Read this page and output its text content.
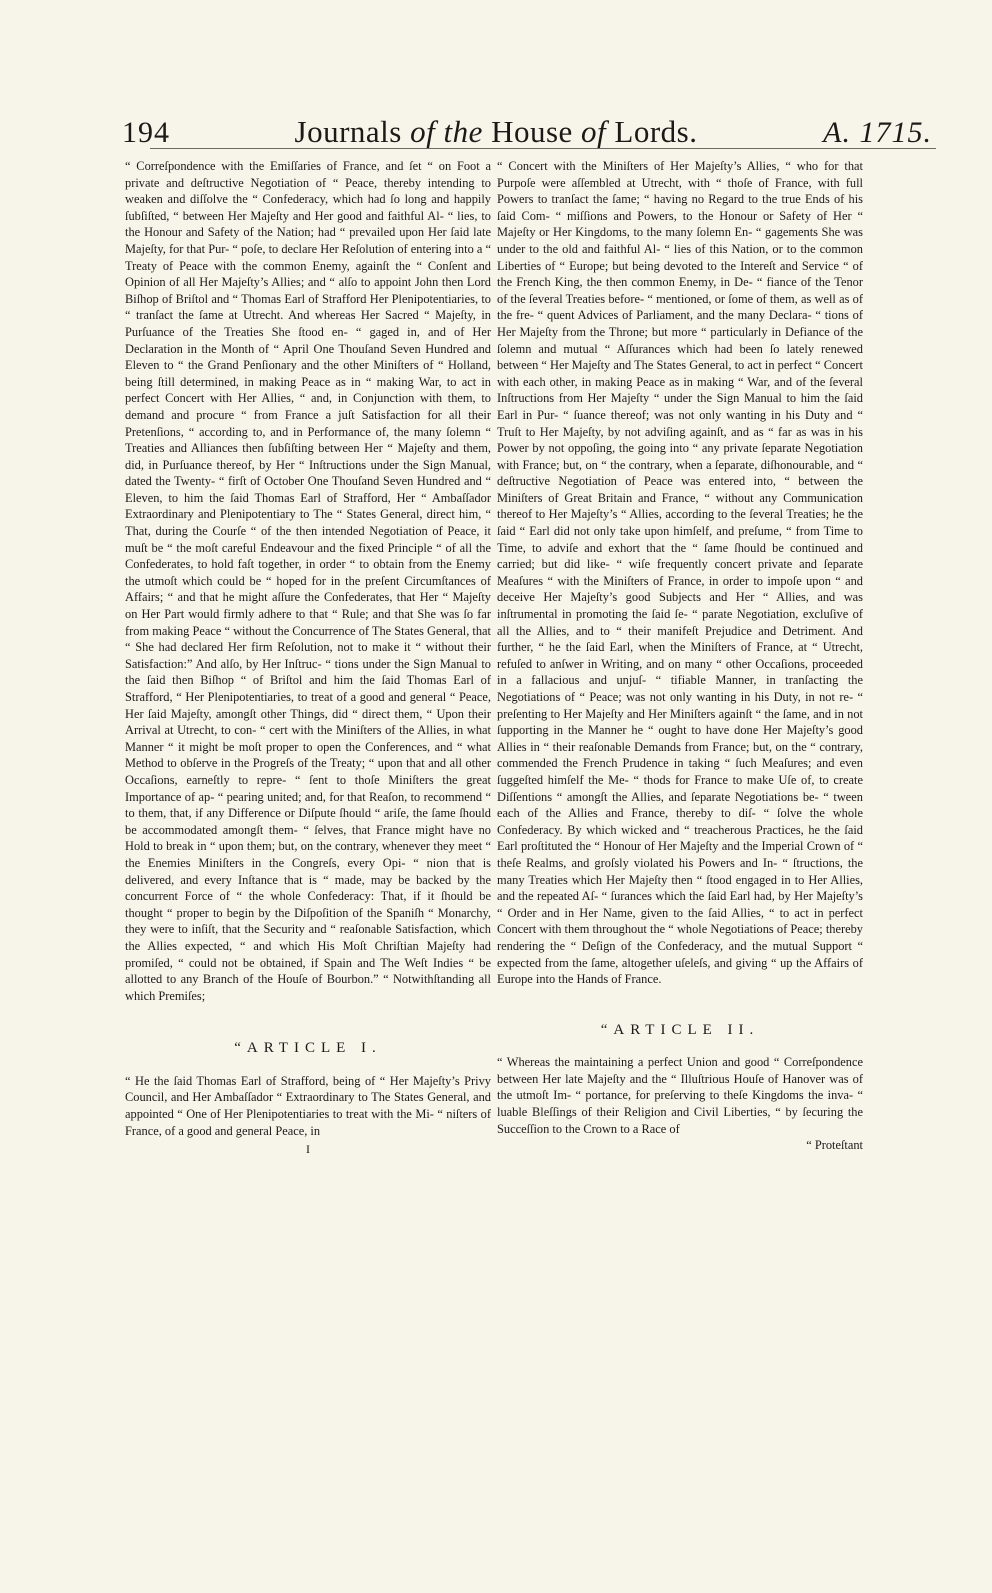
194	Journals of the House of Lords.	A. 1715.

“ Correſpondence with the Emiſſaries of France, and ſet “ on Foot a private and deſtructive Negotiation of “ Peace, thereby intending to weaken and diſſolve the “ Confederacy, which had ſo long and happily ſubſiſted, “ between Her Majeſty and Her good and faithful Al- “ lies, to the Honour and Safety of the Nation; had “ prevailed upon Her ſaid late Majeſty, for that Pur- “ poſe, to declare Her Reſolution of entering into a “ Treaty of Peace with the common Enemy, againſt the “ Conſent and Opinion of all Her Majeſty’s Allies; and “ alſo to appoint John then Lord Biſhop of Briſtol and “ Thomas Earl of Strafford Her Plenipotentiaries, to “ tranſact the ſame at Utrecht. And whereas Her Sacred “ Majeſty, in Purſuance of the Treaties She ſtood en- “ gaged in, and of Her Declaration in the Month of “ April One Thouſand Seven Hundred and Eleven to “ the Grand Penſionary and the other Miniſters of “ Holland, being ſtill determined, in making Peace as in “ making War, to act in perfect Concert with Her Allies, “ and, in Conjunction with them, to demand and procure “ from France a juſt Satisfaction for all their Pretenſions, “ according to, and in Performance of, the many ſolemn “ Treaties and Alliances then ſubſiſting between Her “ Majeſty and them, did, in Purſuance thereof, by Her “ Inſtructions under the Sign Manual, dated the Twenty- “ firſt of October One Thouſand Seven Hundred and “ Eleven, to him the ſaid Thomas Earl of Strafford, Her “ Ambaſſador Extraordinary and Plenipotentiary to The “ States General, direct him, “ That, during the Courſe “ of the then intended Negotiation of Peace, it muſt be “ the moſt careful Endeavour and the fixed Principle “ of all the Confederates, to hold faſt together, in order “ to obtain from the Enemy the utmoſt which could be “ hoped for in the preſent Circumſtances of Affairs; “ and that he might aſſure the Confederates, that Her “ Majeſty on Her Part would firmly adhere to that “ Rule; and that She was ſo far from making Peace “ without the Concurrence of The States General, that “ She had declared Her firm Reſolution, not to make it “ without their Satisfaction:” And alſo, by Her Inſtruc- “ tions under the Sign Manual to the ſaid then Biſhop “ of Briſtol and him the ſaid Thomas Earl of Strafford, “ Her Plenipotentiaries, to treat of a good and general “ Peace, Her ſaid Majeſty, amongſt other Things, did “ direct them, “ Upon their Arrival at Utrecht, to con- “ cert with the Miniſters of the Allies, in what Manner “ it might be moſt proper to open the Conferences, and “ what Method to obſerve in the Progreſs of the Treaty; “ upon that and all other Occaſions, earneſtly to repre- “ ſent to thoſe Miniſters the great Importance of ap- “ pearing united; and, for that Reaſon, to recommend “ to them, that, if any Difference or Diſpute ſhould “ ariſe, the ſame ſhould be accommodated amongſt them- “ ſelves, that France might have no Hold to break in “ upon them; but, on the contrary, whenever they meet “ the Enemies Miniſters in the Congreſs, every Opi- “ nion that is delivered, and every Inſtance that is “ made, may be backed by the concurrent Force of “ the whole Confederacy: That, if it ſhould be thought “ proper to begin by the Diſpoſition of the Spaniſh “ Monarchy, they were to inſiſt, that the Security and “ reaſonable Satisfaction, which the Allies expected, “ and which His Moſt Chriſtian Majeſty had promiſed, “ could not be obtained, if Spain and The Weſt Indies “ be allotted to any Branch of the Houſe of Bourbon.” “ Notwithſtanding all which Premiſes;

“ARTICLE I.

“ He the ſaid Thomas Earl of Strafford, being of “ Her Majeſty’s Privy Council, and Her Ambaſſador “ Extraordinary to The States General, and appointed “ One of Her Plenipotentiaries to treat with the Mi- “ niſters of France, of a good and general Peace, in

I

“ Concert with the Miniſters of Her Majeſty’s Allies, “ who for that Purpoſe were aſſembled at Utrecht, with “ thoſe of France, with full Powers to tranſact the ſame; “ having no Regard to the true Ends of his ſaid Com- “ miſſions and Powers, to the Honour or Safety of Her “ Majeſty or Her Kingdoms, to the many ſolemn En- “ gagements She was under to the old and faithful Al- “ lies of this Nation, or to the common Liberties of “ Europe; but being devoted to the Intereſt and Service “ of the French King, the then common Enemy, in De- “ fiance of the Tenor of the ſeveral Treaties before- “ mentioned, or ſome of them, as well as of the fre- “ quent Advices of Parliament, and the many Declara- “ tions of Her Majeſty from the Throne; but more “ particularly in Defiance of the ſolemn and mutual “ Aſſurances which had been ſo lately renewed between “ Her Majeſty and The States General, to act in perfect “ Concert with each other, in making Peace as in making “ War, and of the ſeveral Inſtructions from Her Majeſty “ under the Sign Manual to him the ſaid Earl in Pur- “ ſuance thereof; was not only wanting in his Duty and “ Truſt to Her Majeſty, by not adviſing againſt, and as “ far as was in his Power by not oppoſing, the going into “ any private ſeparate Negotiation with France; but, on “ the contrary, when a ſeparate, diſhonourable, and “ deſtructive Negotiation of Peace was entered into, “ between the Miniſters of Great Britain and France, “ without any Communication thereof to Her Majeſty’s “ Allies, according to the ſeveral Treaties; he the ſaid “ Earl did not only take upon himſelf, and preſume, “ from Time to Time, to adviſe and exhort that the “ ſame ſhould be continued and carried; but did like- “ wiſe frequently concert private and ſeparate Meaſures “ with the Miniſters of France, in order to impoſe upon “ and deceive Her Majeſty’s good Subjects and Her “ Allies, and was inſtrumental in promoting the ſaid ſe- “ parate Negotiation, excluſive of all the Allies, and to “ their manifeſt Prejudice and Detriment. And further, “ he the ſaid Earl, when the Miniſters of France, at “ Utrecht, refuſed to anſwer in Writing, and on many “ other Occaſions, proceeded in a fallacious and unjuſ- “ tifiable Manner, in tranſacting the Negotiations of “ Peace; was not only wanting in his Duty, in not re- “ preſenting to Her Majeſty and Her Miniſters againſt “ the ſame, and in not ſupporting in the Manner he “ ought to have done Her Majeſty’s good Allies in “ their reaſonable Demands from France; but, on the “ contrary, commended the French Prudence in taking “ ſuch Meaſures; and even ſuggeſted himſelf the Me- “ thods for France to make Uſe of, to create Diſſentions “ amongſt the Allies, and ſeparate Negotiations be- “ tween each of the Allies and France, thereby to diſ- “ ſolve the whole Confederacy. By which wicked and “ treacherous Practices, he the ſaid Earl proſtituted the “ Honour of Her Majeſty and the Imperial Crown of “ theſe Realms, and groſsly violated his Powers and In- “ ſtructions, the many Treaties which Her Majeſty then “ ſtood engaged in to Her Allies, and the repeated Aſ- “ ſurances which the ſaid Earl had, by Her Majeſty’s “ Order and in Her Name, given to the ſaid Allies, “ to act in perfect Concert with them throughout the “ whole Negotiations of Peace; thereby rendering the “ Deſign of the Confederacy, and the mutual Support “ expected from the ſame, altogether uſeleſs, and giving “ up the Affairs of Europe into the Hands of France.

“ARTICLE II.

“ Whereas the maintaining a perfect Union and good “ Correſpondence between Her late Majeſty and the “ Illuſtrious Houſe of Hanover was of the utmoſt Im- “ portance, for preſerving to theſe Kingdoms the inva- “ luable Bleſſings of their Religion and Civil Liberties, “ by ſecuring the Succeſſion to the Crown to a Race of

“ Proteſtant
